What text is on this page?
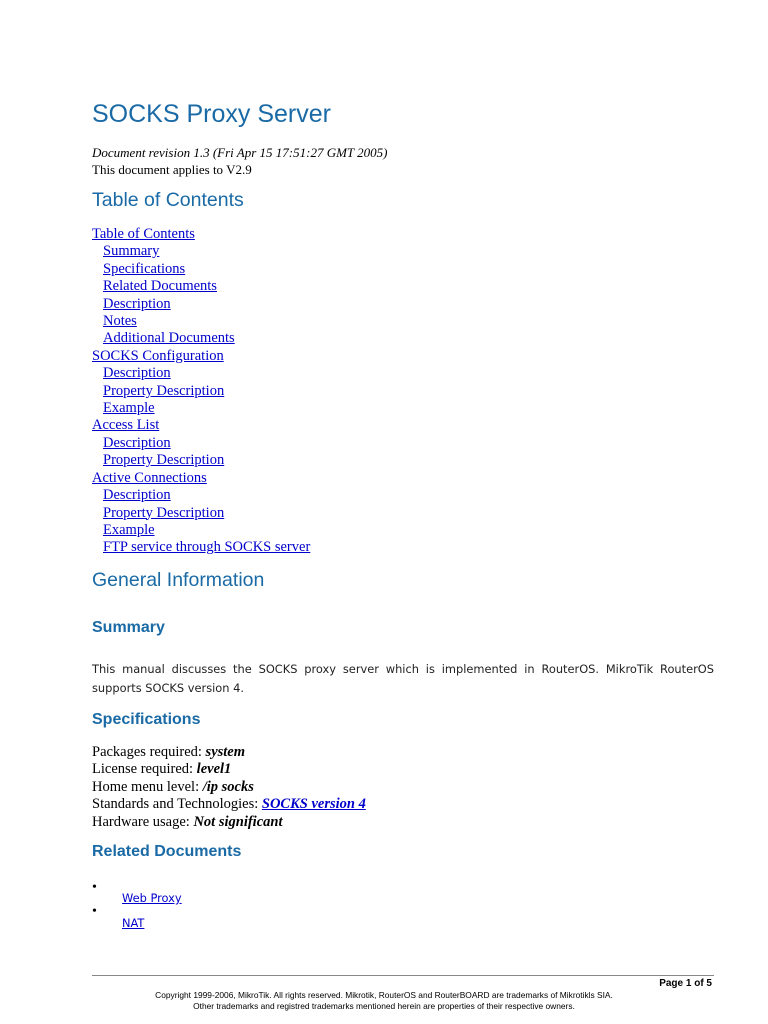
SOCKS Proxy Server
Document revision 1.3 (Fri Apr 15 17:51:27 GMT 2005)
This document applies to V2.9
Table of Contents
Table of Contents
Summary
Specifications
Related Documents
Description
Notes
Additional Documents
SOCKS Configuration
Description
Property Description
Example
Access List
Description
Property Description
Active Connections
Description
Property Description
Example
FTP service through SOCKS server
General Information
Summary

This manual discusses the SOCKS proxy server which is implemented in RouterOS. MikroTik RouterOS supports SOCKS version 4.

Specifications
Packages required: system
License required: level1
Home menu level: /ip socks
Standards and Technologies: SOCKS version 4
Hardware usage: Not significant
Related Documents
•
Web Proxy
•
NAT
Page 1 of 5
Copyright 1999-2006, MikroTik. All rights reserved. Mikrotik, RouterOS and RouterBOARD are trademarks of Mikrotikls SIA.
Other trademarks and registred trademarks mentioned herein are properties of their respective owners.
